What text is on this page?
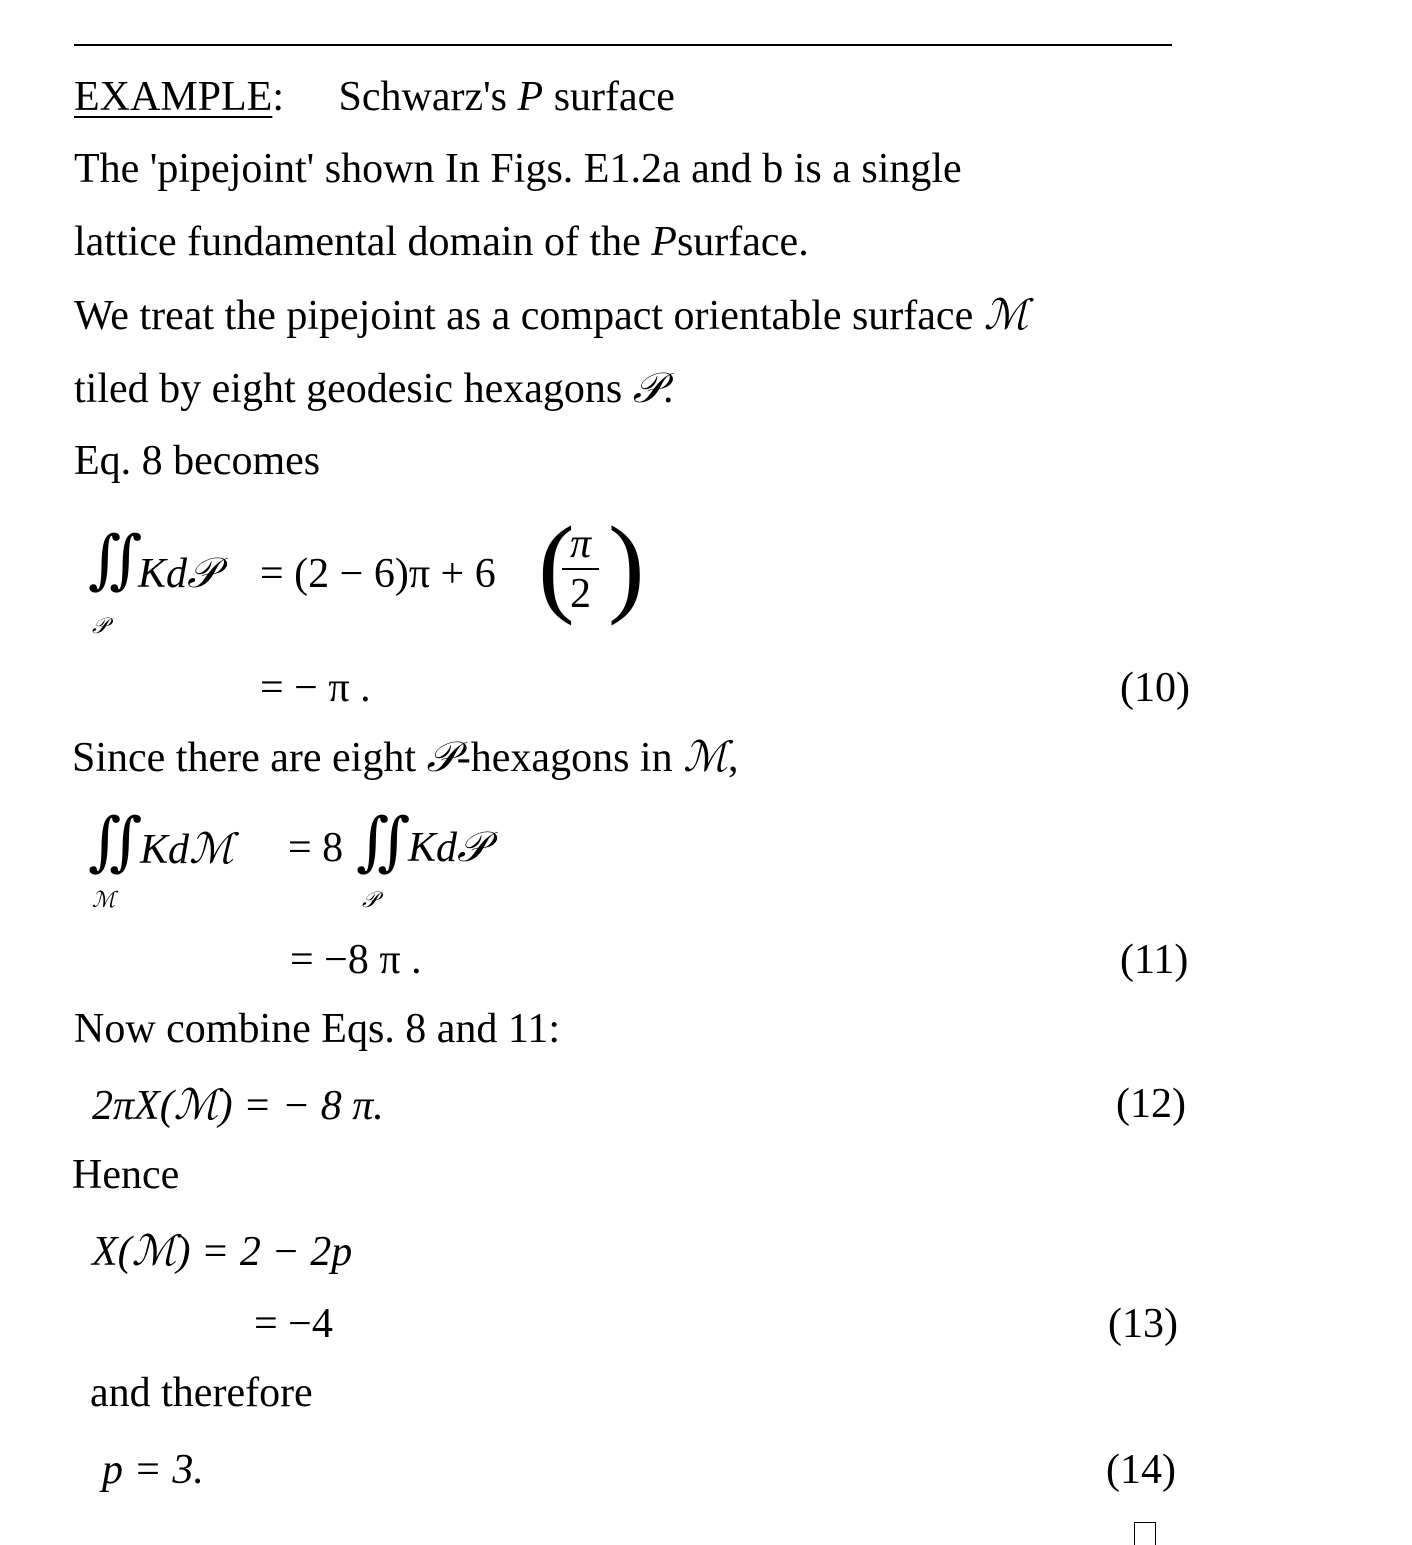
EXAMPLE: Schwarz's P surface
The 'pipejoint' shown In Figs. E1.2a and b is a single
lattice fundamental domain of the Psurface.
We treat the pipejoint as a compact orientable surface ℳ
tiled by eight geodesic hexagons 𝒫.
Eq. 8 becomes
∬
𝒫
Kd𝒫 = (2 − 6)π + 6 (
$\frac{\pi}{2}$ )
= − π .	(10)
Since there are eight 𝒫-hexagons in ℳ,
∬
ℳ
Kdℳ = 8 ∬
𝒫
Kd𝒫
= −8 π .	(11)
Now combine Eqs. 8 and 11:
2πX(ℳ) = − 8 π.	(12)
Hence
X(ℳ) = 2 − 2p
= −4	(13)
and therefore
p = 3.	(14)
